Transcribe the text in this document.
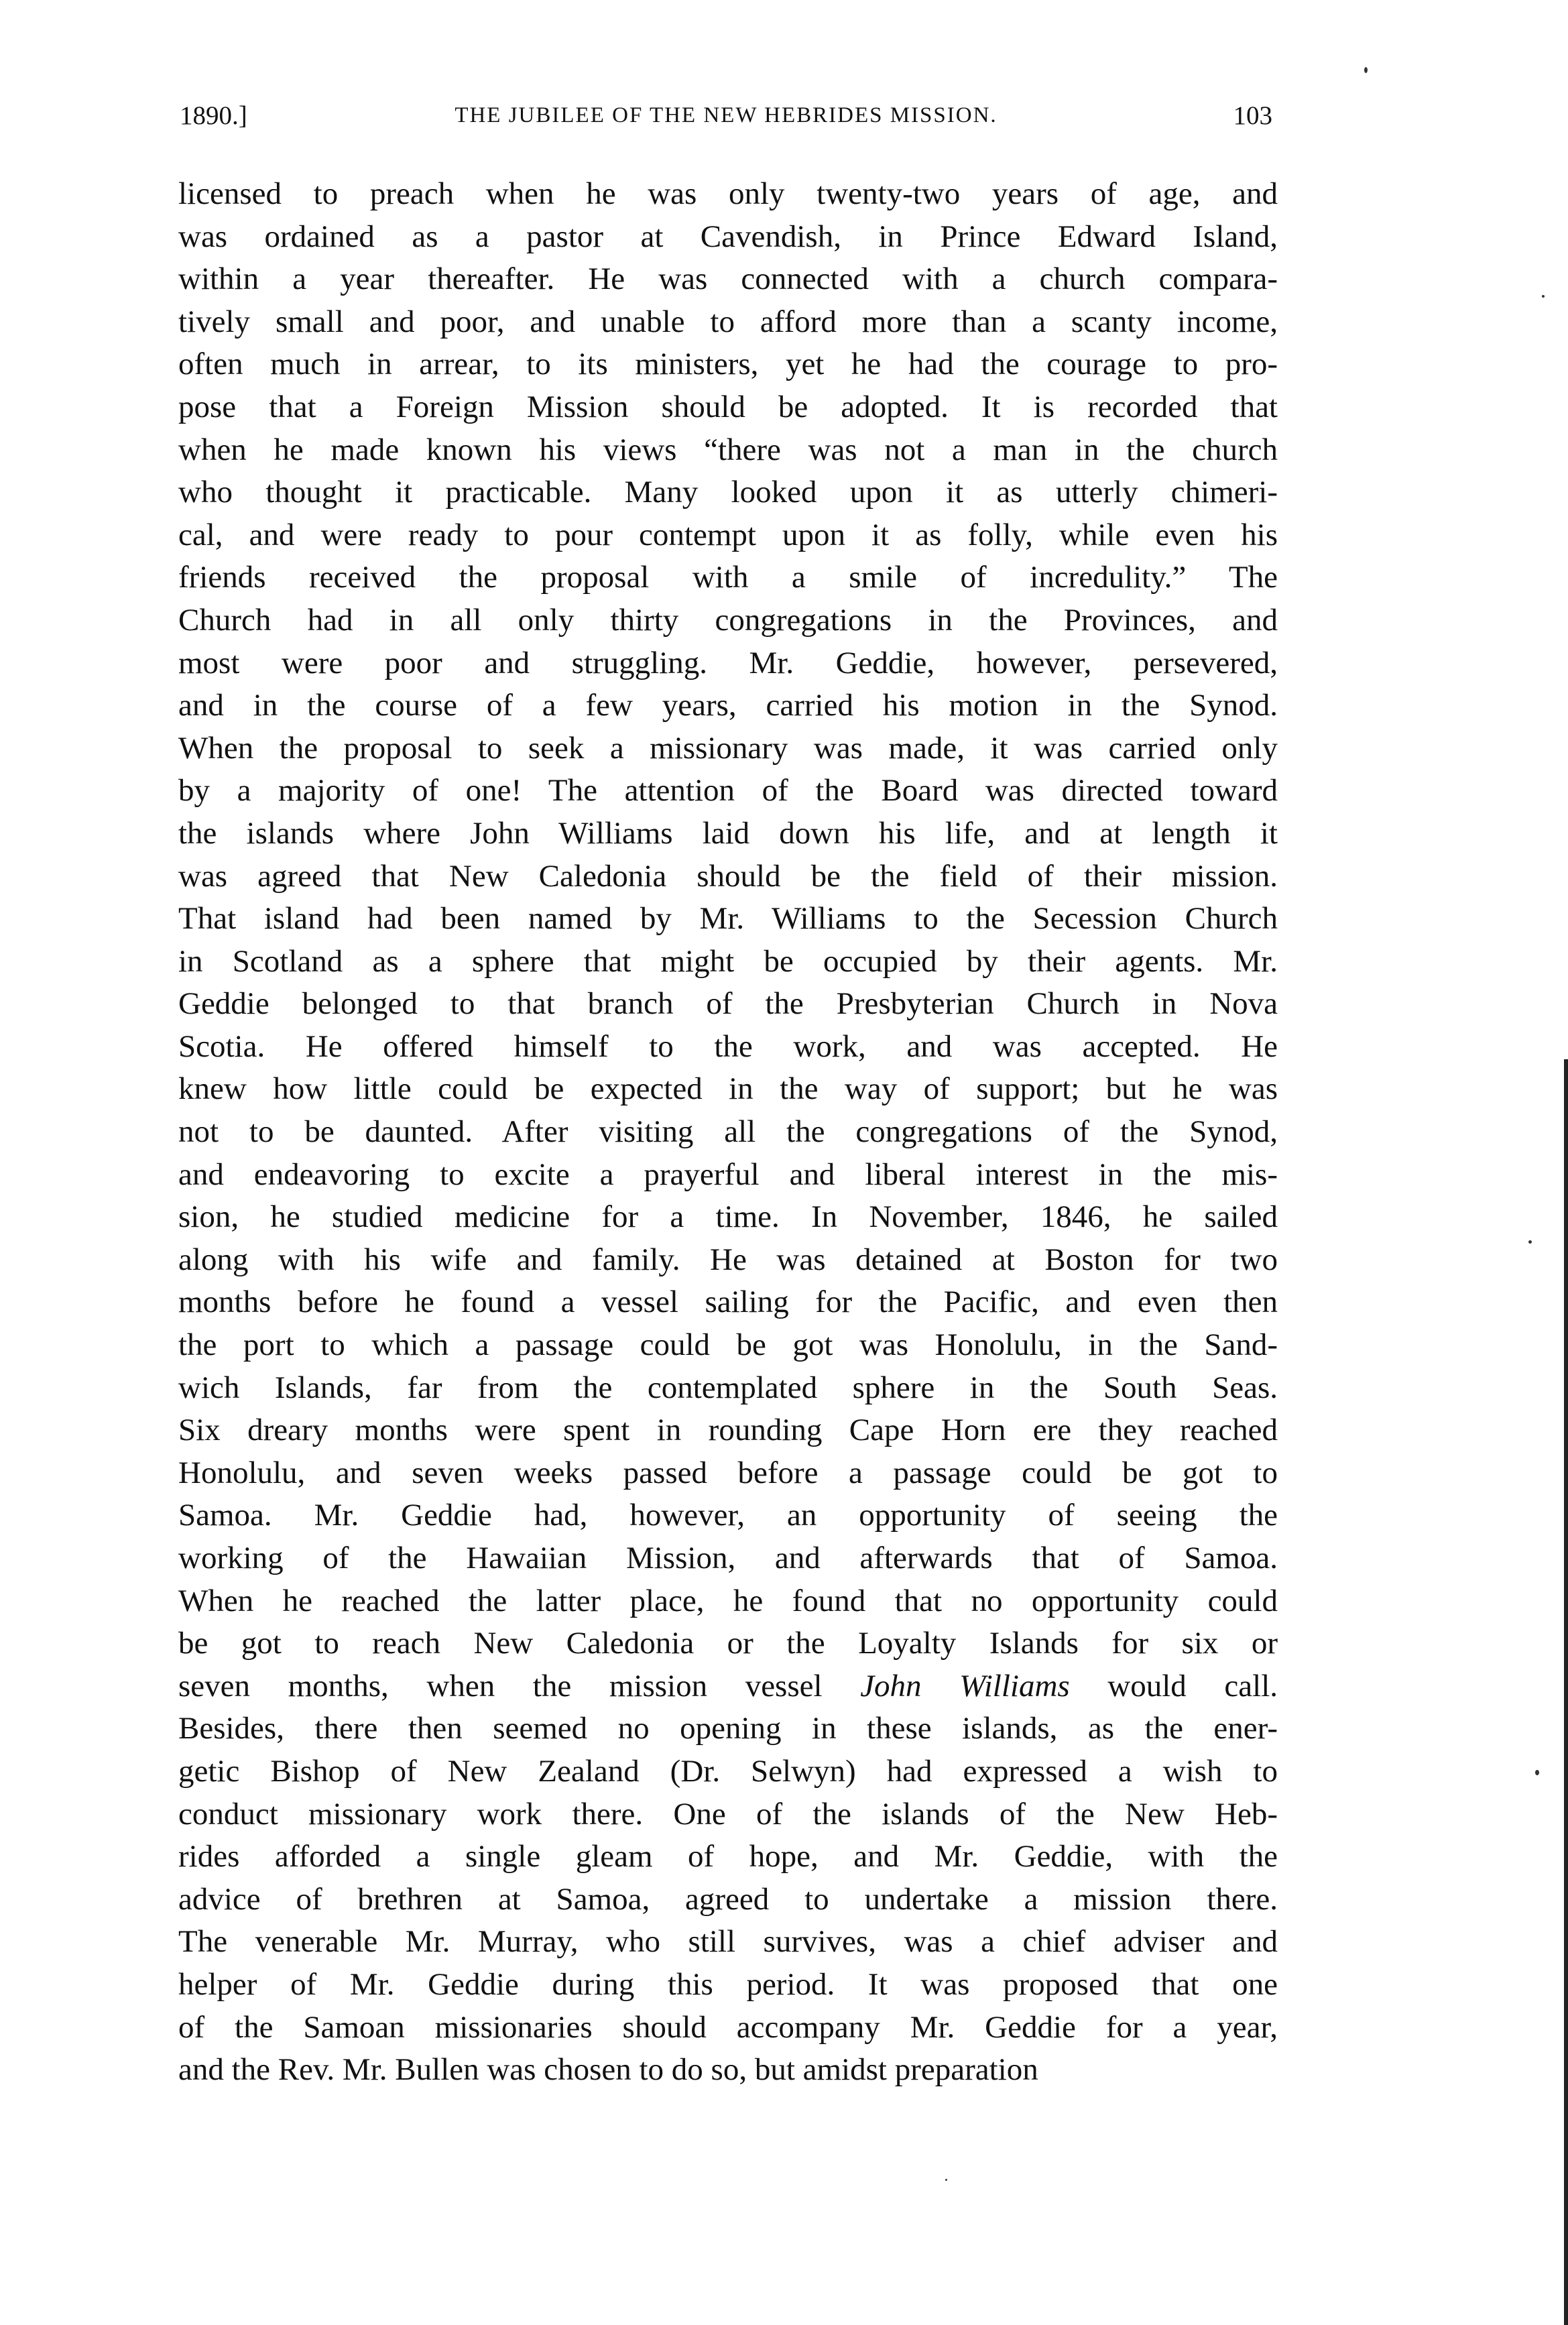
1890.]	THE JUBILEE OF THE NEW HEBRIDES MISSION.	103
licensed to preach when he was only twenty-two years of age, and
was ordained as a pastor at Cavendish, in Prince Edward Island,
within a year thereafter. He was connected with a church compara-
tively small and poor, and unable to afford more than a scanty income,
often much in arrear, to its ministers, yet he had the courage to pro-
pose that a Foreign Mission should be adopted. It is recorded that
when he made known his views “there was not a man in the church
who thought it practicable. Many looked upon it as utterly chimeri-
cal, and were ready to pour contempt upon it as folly, while even his
friends received the proposal with a smile of incredulity.” The
Church had in all only thirty congregations in the Provinces, and
most were poor and struggling. Mr. Geddie, however, persevered,
and in the course of a few years, carried his motion in the Synod.
When the proposal to seek a missionary was made, it was carried only
by a majority of one! The attention of the Board was directed toward
the islands where John Williams laid down his life, and at length it
was agreed that New Caledonia should be the field of their mission.
That island had been named by Mr. Williams to the Secession Church
in Scotland as a sphere that might be occupied by their agents. Mr.
Geddie belonged to that branch of the Presbyterian Church in Nova
Scotia. He offered himself to the work, and was accepted. He
knew how little could be expected in the way of support; but he was
not to be daunted. After visiting all the congregations of the Synod,
and endeavoring to excite a prayerful and liberal interest in the mis-
sion, he studied medicine for a time. In November, 1846, he sailed
along with his wife and family. He was detained at Boston for two
months before he found a vessel sailing for the Pacific, and even then
the port to which a passage could be got was Honolulu, in the Sand-
wich Islands, far from the contemplated sphere in the South Seas.
Six dreary months were spent in rounding Cape Horn ere they reached
Honolulu, and seven weeks passed before a passage could be got to
Samoa. Mr. Geddie had, however, an opportunity of seeing the
working of the Hawaiian Mission, and afterwards that of Samoa.
When he reached the latter place, he found that no opportunity could
be got to reach New Caledonia or the Loyalty Islands for six or
seven months, when the mission vessel John Williams would call.
Besides, there then seemed no opening in these islands, as the ener-
getic Bishop of New Zealand (Dr. Selwyn) had expressed a wish to
conduct missionary work there. One of the islands of the New Heb-
rides afforded a single gleam of hope, and Mr. Geddie, with the
advice of brethren at Samoa, agreed to undertake a mission there.
The venerable Mr. Murray, who still survives, was a chief adviser and
helper of Mr. Geddie during this period. It was proposed that one
of the Samoan missionaries should accompany Mr. Geddie for a year,
and the Rev. Mr. Bullen was chosen to do so, but amidst preparation
